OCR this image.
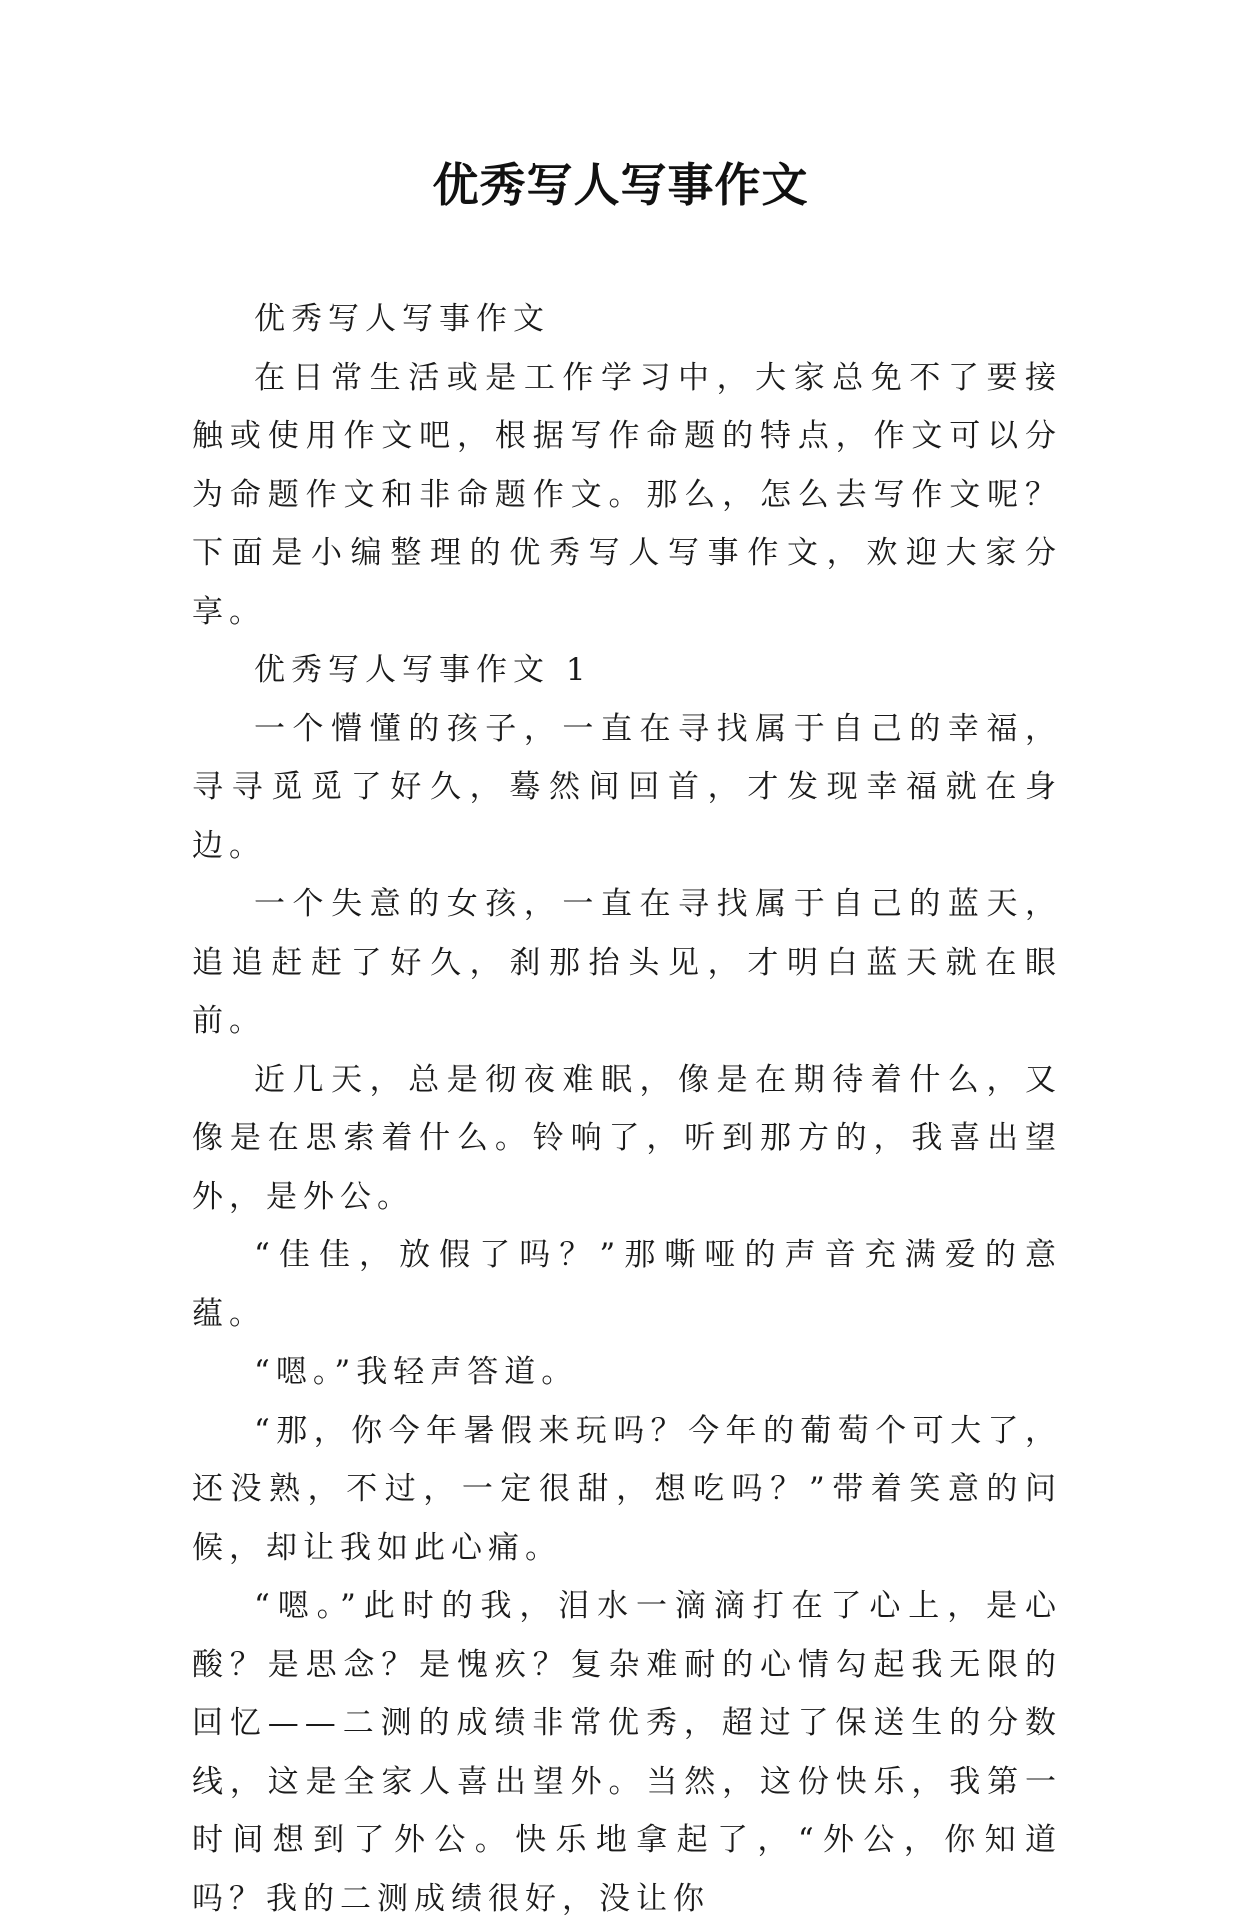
优秀写人写事作文

优秀写人写事作文

在日常生活或是工作学习中，大家总免不了要接触或使用作文吧，根据写作命题的特点，作文可以分为命题作文和非命题作文。那么，怎么去写作文呢？下面是小编整理的优秀写人写事作文，欢迎大家分享。

优秀写人写事作文 1

一个懵懂的孩子，一直在寻找属于自己的幸福，寻寻觅觅了好久，蓦然间回首，才发现幸福就在身边。

一个失意的女孩，一直在寻找属于自己的蓝天，追追赶赶了好久，刹那抬头见，才明白蓝天就在眼前。

近几天，总是彻夜难眠，像是在期待着什么，又像是在思索着什么。铃响了，听到那方的，我喜出望外，是外公。

“佳佳，放假了吗？”那嘶哑的声音充满爱的意蕴。

“嗯。”我轻声答道。

“那，你今年暑假来玩吗？今年的葡萄个可大了，还没熟，不过，一定很甜，想吃吗？”带着笑意的问候，却让我如此心痛。

“嗯。”此时的我，泪水一滴滴打在了心上，是心酸？是思念？是愧疚？复杂难耐的心情勾起我无限的回忆——二测的成绩非常优秀，超过了保送生的分数线，这是全家人喜出望外。当然，这份快乐，我第一时间想到了外公。快乐地拿起了，“外公，你知道吗？我的二测成绩很好，没让你
